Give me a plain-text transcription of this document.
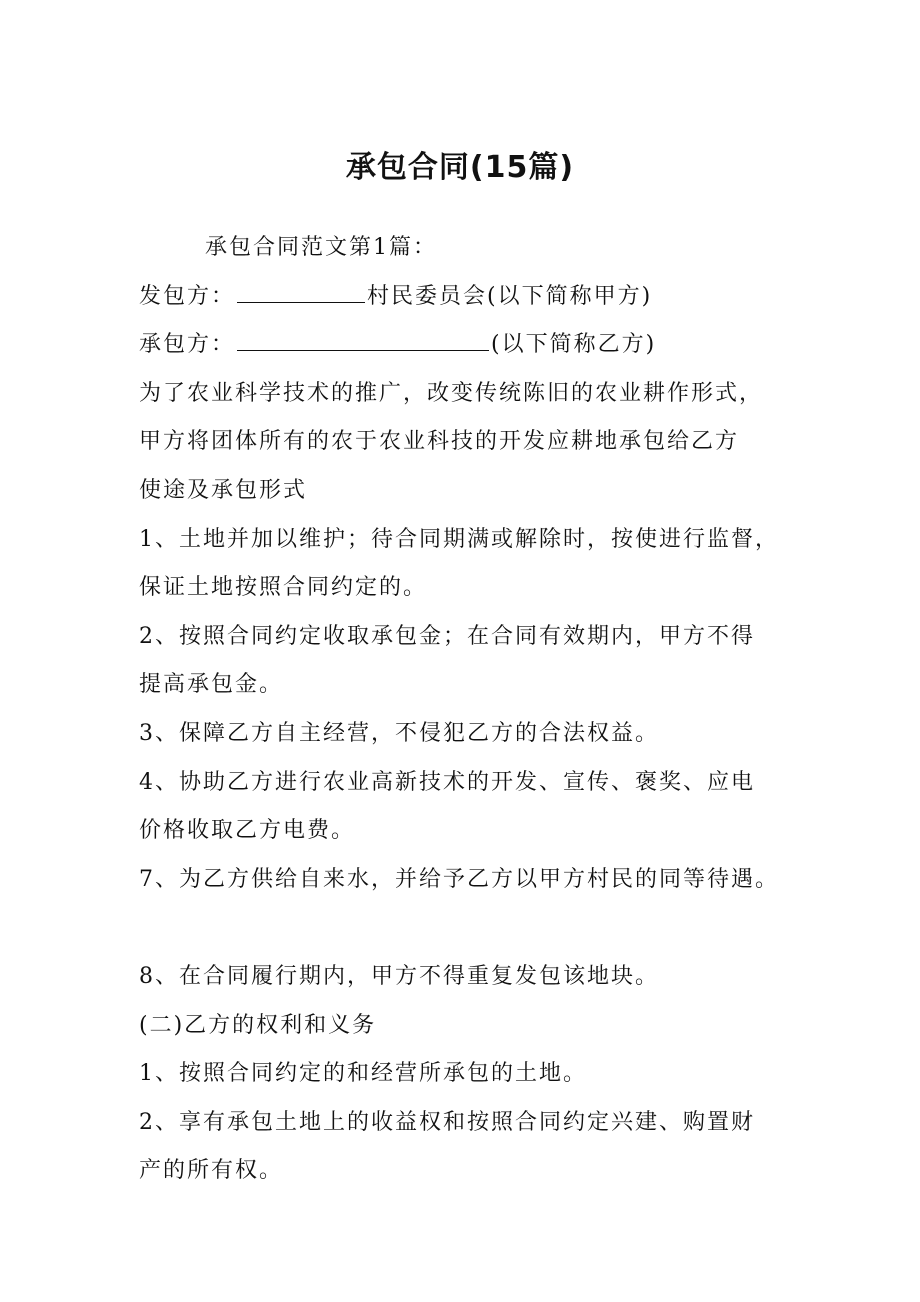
承包合同(15篇)
承包合同范文第1篇：
发包方：	村民委员会(以下简称甲方)
承包方：	(以下简称乙方)
为了农业科学技术的推广，改变传统陈旧的农业耕作形式，
甲方将团体所有的农于农业科技的开发应耕地承包给乙方
使途及承包形式
1、土地并加以维护；待合同期满或解除时，按使进行监督，
保证土地按照合同约定的。
2、按照合同约定收取承包金；在合同有效期内，甲方不得
提高承包金。
3、保障乙方自主经营，不侵犯乙方的合法权益。
4、协助乙方进行农业高新技术的开发、宣传、褒奖、应电
价格收取乙方电费。
7、为乙方供给自来水，并给予乙方以甲方村民的同等待遇。
8、在合同履行期内，甲方不得重复发包该地块。
(二)乙方的权利和义务
1、按照合同约定的和经营所承包的土地。
2、享有承包土地上的收益权和按照合同约定兴建、购置财
产的所有权。
